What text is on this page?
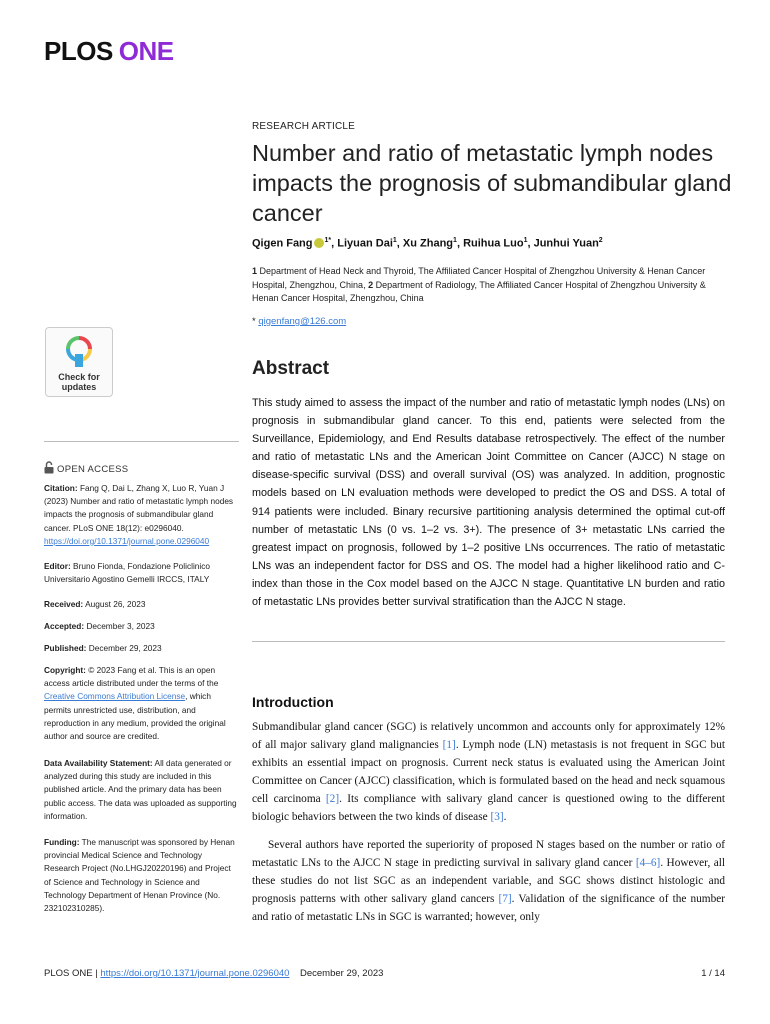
PLOS ONE
RESEARCH ARTICLE
Number and ratio of metastatic lymph nodes impacts the prognosis of submandibular gland cancer
Qigen Fang $^{1*}$, Liyuan Dai$^1$, Xu Zhang$^1$, Ruihua Luo$^1$, Junhui Yuan$^2$
1 Department of Head Neck and Thyroid, The Affiliated Cancer Hospital of Zhengzhou University & Henan Cancer Hospital, Zhengzhou, China, 2 Department of Radiology, The Affiliated Cancer Hospital of Zhengzhou University & Henan Cancer Hospital, Zhengzhou, China
* qigenfang@126.com
Check for
updates
OPEN ACCESS
Citation: Fang Q, Dai L, Zhang X, Luo R, Yuan J (2023) Number and ratio of metastatic lymph nodes impacts the prognosis of submandibular gland cancer. PLoS ONE 18(12): e0296040.
https://doi.org/10.1371/journal.pone.0296040
Editor: Bruno Fionda, Fondazione Policlinico Universitario Agostino Gemelli IRCCS, ITALY
Received: August 26, 2023
Accepted: December 3, 2023
Published: December 29, 2023
Copyright: © 2023 Fang et al. This is an open access article distributed under the terms of the Creative Commons Attribution License, which permits unrestricted use, distribution, and reproduction in any medium, provided the original author and source are credited.
Data Availability Statement: All data generated or analyzed during this study are included in this published article. And the primary data has been public access. The data was uploaded as supporting information.
Funding: The manuscript was sponsored by Henan provincial Medical Science and Technology Research Project (No.LHGJ20220196) and Project of Science and Technology in Science and Technology Department of Henan Province (No. 232102310285).
Abstract

This study aimed to assess the impact of the number and ratio of metastatic lymph nodes (LNs) on prognosis in submandibular gland cancer. To this end, patients were selected from the Surveillance, Epidemiology, and End Results database retrospectively. The effect of the number and ratio of metastatic LNs and the American Joint Committee on Cancer (AJCC) N stage on disease-specific survival (DSS) and overall survival (OS) was analyzed. In addition, prognostic models based on LN evaluation methods were developed to predict the OS and DSS. A total of 914 patients were included. Binary recursive partitioning analysis determined the optimal cut-off number of metastatic LNs (0 vs. 1–2 vs. 3+). The presence of 3+ metastatic LNs carried the greatest impact on prognosis, followed by 1–2 positive LNs occurrences. The ratio of metastatic LNs was an independent factor for DSS and OS. The model had a higher likelihood ratio and C-index than those in the Cox model based on the AJCC N stage. Quantitative LN burden and ratio of metastatic LNs provides better survival stratification than the AJCC N stage.

Introduction

Submandibular gland cancer (SGC) is relatively uncommon and accounts only for approximately 12% of all major salivary gland malignancies [1]. Lymph node (LN) metastasis is not frequent in SGC but exhibits an essential impact on prognosis. Current neck status is evaluated using the American Joint Committee on Cancer (AJCC) classification, which is formulated based on the head and neck squamous cell carcinoma [2]. Its compliance with salivary gland cancer is questioned owing to the different biologic behaviors between the two kinds of disease [3].

Several authors have reported the superiority of proposed N stages based on the number or ratio of metastatic LNs to the AJCC N stage in predicting survival in salivary gland cancer [4–6]. However, all these studies do not list SGC as an independent variable, and SGC shows distinct histologic and prognosis patterns with other salivary gland cancers [7]. Validation of the significance of the number and ratio of metastatic LNs in SGC is warranted; however, only

PLOS ONE | https://doi.org/10.1371/journal.pone.0296040 December 29, 2023	1 / 14
